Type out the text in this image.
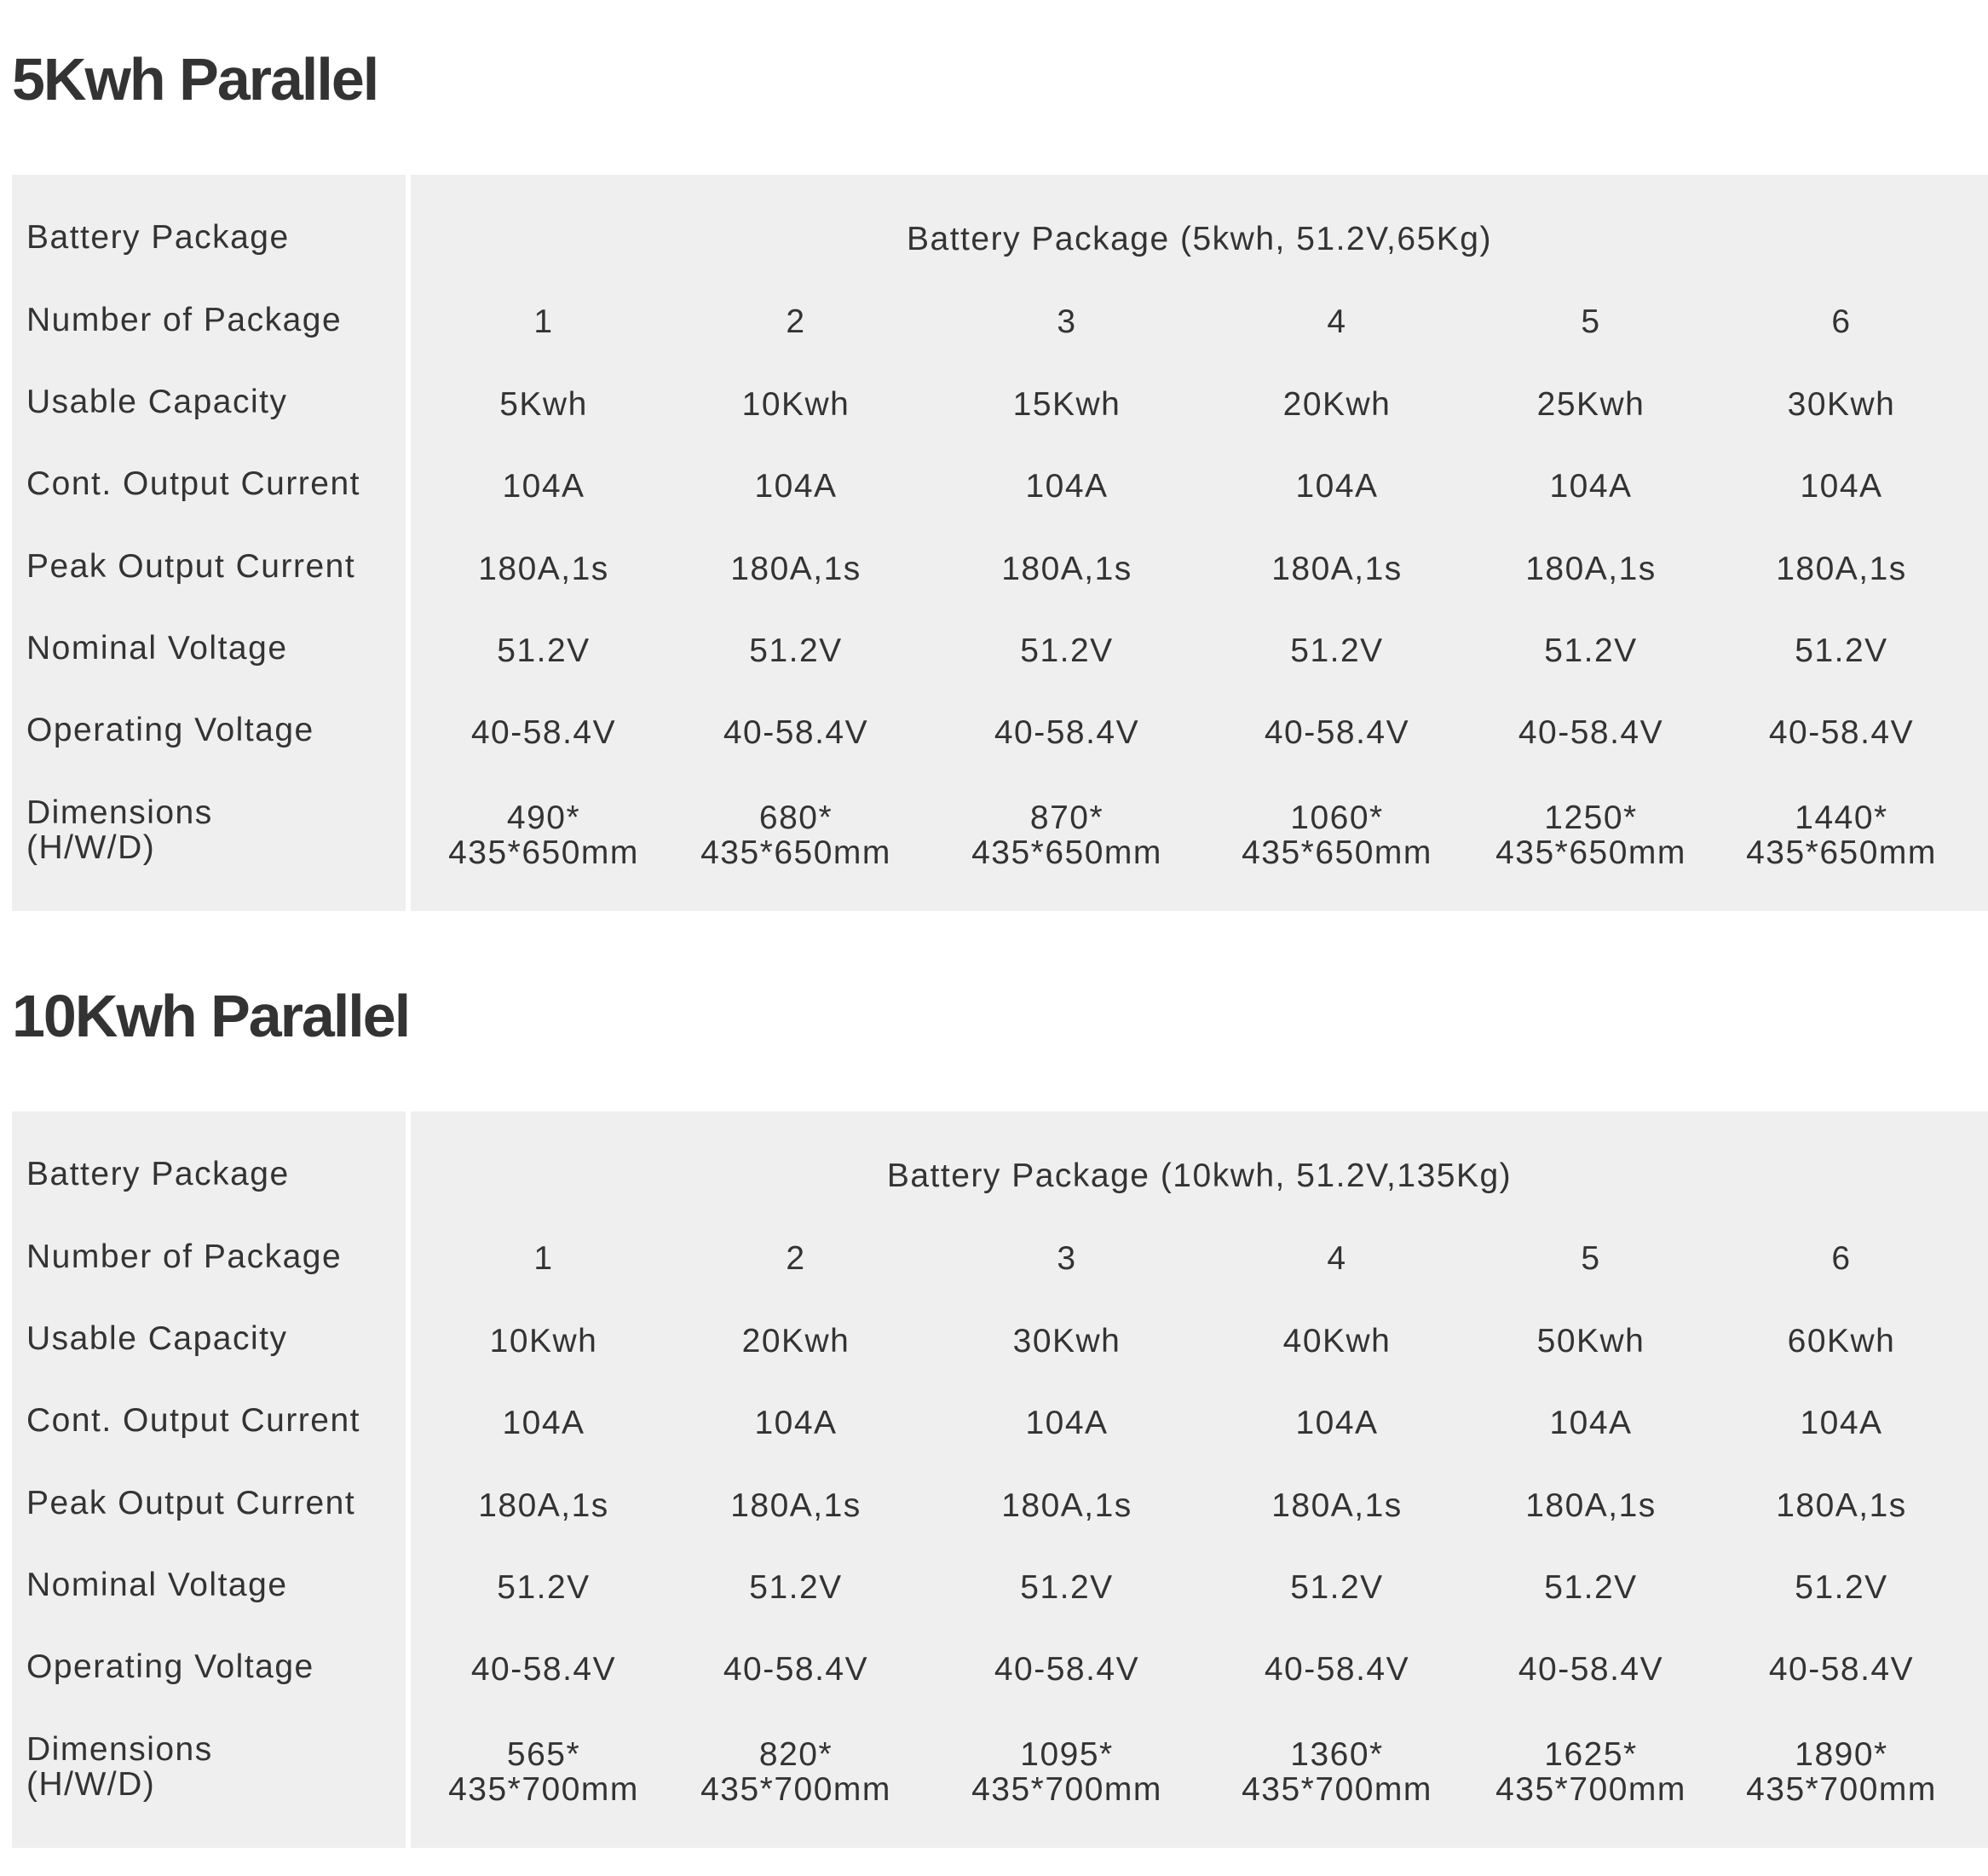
5Kwh Parallel
Battery Package
Number of Package
Usable Capacity
Cont. Output Current
Peak Output Current
Nominal Voltage
Operating Voltage
Dimensions
(H/W/D)
Battery Package (5kwh, 51.2V,65Kg)
1
5Kwh
104A
180A,1s
51.2V
40-58.4V
490*
435*650mm
2
10Kwh
104A
180A,1s
51.2V
40-58.4V
680*
435*650mm
3
15Kwh
104A
180A,1s
51.2V
40-58.4V
870*
435*650mm
4
20Kwh
104A
180A,1s
51.2V
40-58.4V
1060*
435*650mm
5
25Kwh
104A
180A,1s
51.2V
40-58.4V
1250*
435*650mm
6
30Kwh
104A
180A,1s
51.2V
40-58.4V
1440*
435*650mm
10Kwh Parallel
Battery Package
Number of Package
Usable Capacity
Cont. Output Current
Peak Output Current
Nominal Voltage
Operating Voltage
Dimensions
(H/W/D)
Battery Package (10kwh, 51.2V,135Kg)
1
10Kwh
104A
180A,1s
51.2V
40-58.4V
565*
435*700mm
2
20Kwh
104A
180A,1s
51.2V
40-58.4V
820*
435*700mm
3
30Kwh
104A
180A,1s
51.2V
40-58.4V
1095*
435*700mm
4
40Kwh
104A
180A,1s
51.2V
40-58.4V
1360*
435*700mm
5
50Kwh
104A
180A,1s
51.2V
40-58.4V
1625*
435*700mm
6
60Kwh
104A
180A,1s
51.2V
40-58.4V
1890*
435*700mm
